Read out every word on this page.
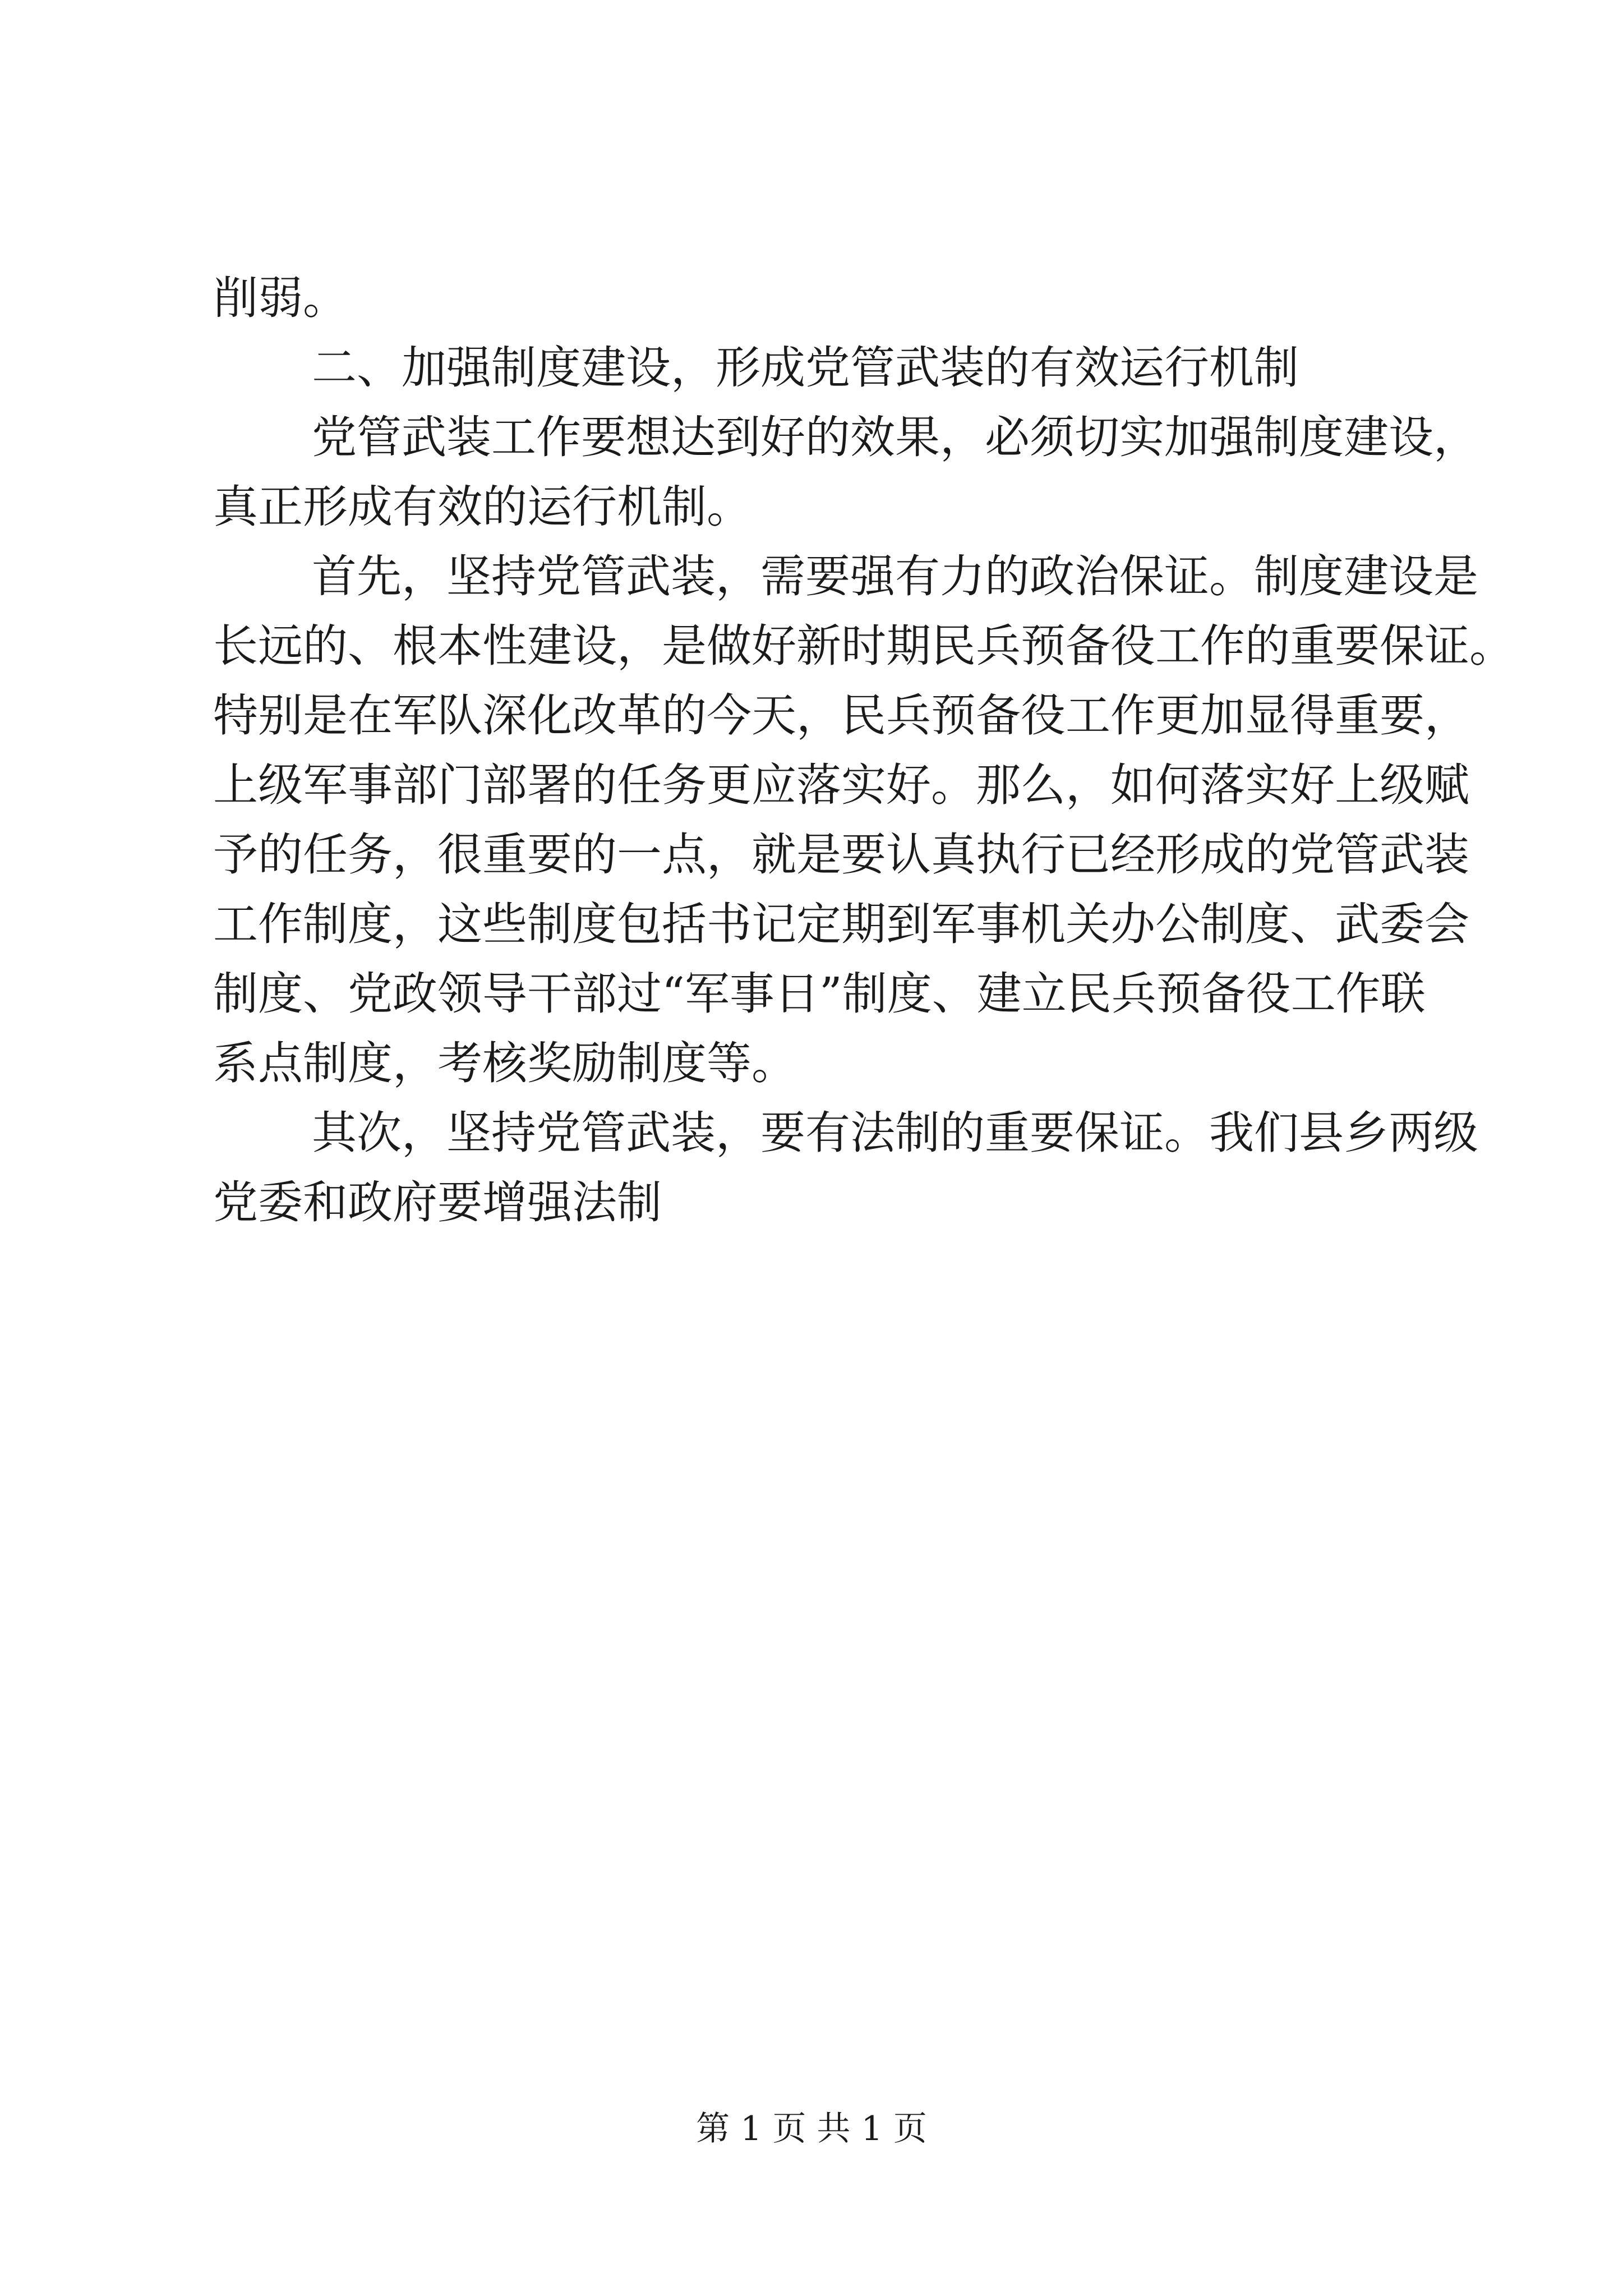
削弱。

二、加强制度建设，形成党管武装的有效运行机制

党管武装工作要想达到好的效果，必须切实加强制度建设，

真正形成有效的运行机制。

首先，坚持党管武装，需要强有力的政治保证。制度建设是

长远的、根本性建设，是做好新时期民兵预备役工作的重要保证。

特别是在军队深化改革的今天，民兵预备役工作更加显得重要，

上级军事部门部署的任务更应落实好。那么，如何落实好上级赋

予的任务，很重要的一点，就是要认真执行已经形成的党管武装

工作制度，这些制度包括书记定期到军事机关办公制度、武委会

制度、党政领导干部过“军事日”制度、建立民兵预备役工作联

系点制度，考核奖励制度等。

其次，坚持党管武装，要有法制的重要保证。我们县乡两级

党委和政府要增强法制

第 1 页 共 1 页
